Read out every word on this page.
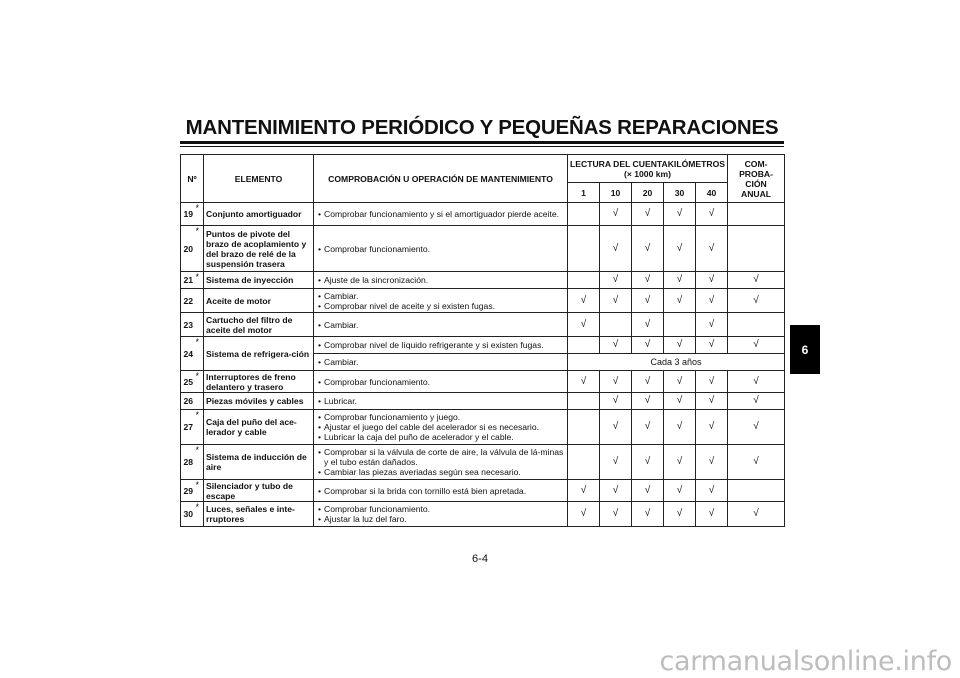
MANTENIMIENTO PERIÓDICO Y PEQUEÑAS REPARACIONES
6
Nº		ELEMENTO	COMPROBACIÓN U OPERACIÓN DE MANTENIMIENTO	LECTURA DEL CUENTAKILÓMETROS
(× 1000 km)					COM-PROBA-CIÓN ANUAL
				1	10	20	30	40	
19	*	Conjunto amortiguador	• Comprobar funcionamiento y si el amortiguador pierde aceite.		√	√	√	√	
20	*	Puntos de pivote del brazo de acoplamiento y del brazo de relé de la suspensión trasera	• Comprobar funcionamiento.		√	√	√	√	
21	*	Sistema de inyección	• Ajuste de la sincronización.		√	√	√	√	√
22		Aceite de motor	• Cambiar.
• Comprobar nivel de aceite y si existen fugas.	√	√	√	√	√	√
23		Cartucho del filtro de aceite del motor	• Cambiar.	√		√		√	
24	*	Sistema de refrigera-ción	• Comprobar nivel de líquido refrigerante y si existen fugas.		√	√	√	√	√

			• Cambiar.	Cada 3 años					
25	*	Interruptores de freno delantero y trasero	• Comprobar funcionamiento.	√	√	√	√	√	√
26		Piezas móviles y cables	• Lubricar.		√	√	√	√	√
27	*	Caja del puño del ace-lerador y cable	• Comprobar funcionamiento y juego.
• Ajustar el juego del cable del acelerador si es necesario.
• Lubricar la caja del puño de acelerador y el cable.		√	√	√	√	√
28	*	Sistema de inducción de aire	• Comprobar si la válvula de corte de aire, la válvula de lá-minas y el tubo están dañados.
• Cambiar las piezas averiadas según sea necesario.		√	√	√	√	√
29	*	Silenciador y tubo de escape	• Comprobar si la brida con tornillo está bien apretada.	√	√	√	√	√	
30	*	Luces, señales e inte-rruptores	• Comprobar funcionamiento.
• Ajustar la luz del faro.	√	√	√	√	√	√
6-4
carmanualsonline.info
